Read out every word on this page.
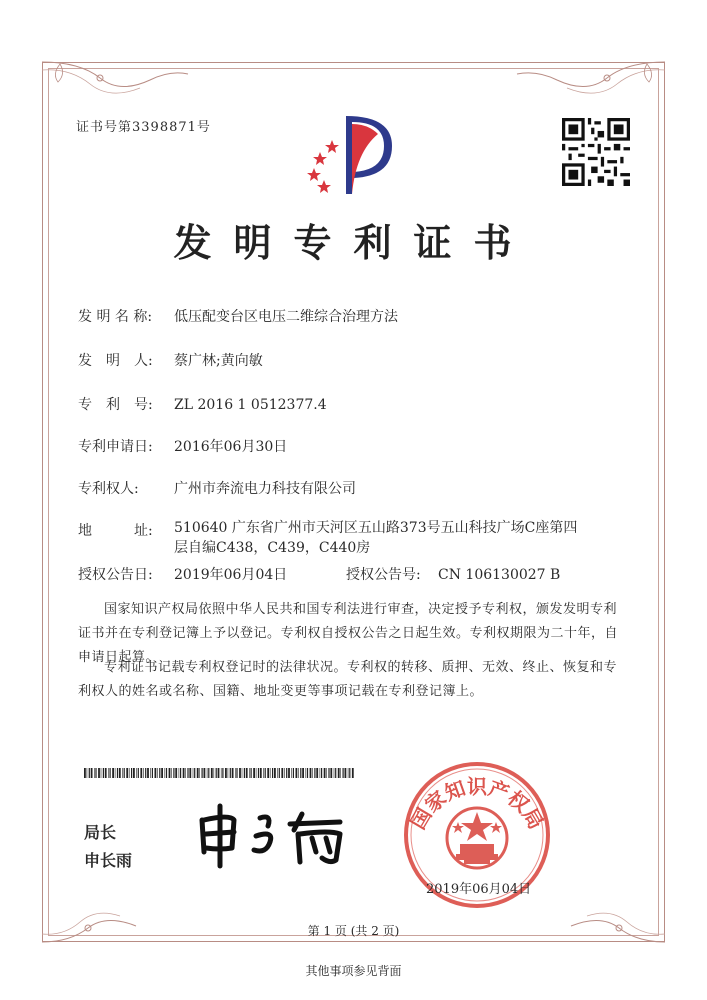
证书号第3398871号
发明专利证书
发 明 名 称: 低压配变台区电压二维综合治理方法
发　明　人: 蔡广林;黄向敏
专　利　号: ZL 2016 1 0512377.4
专利申请日: 2016年06月30日
专利权人:	广州市奔流电力科技有限公司
地　　　址:	510640 广东省广州市天河区五山路373号五山科技广场C座第四层自编C438，C439，C440房
授权公告日: 2019年06月04日	授权公告号: CN 106130027 B
国家知识产权局依照中华人民共和国专利法进行审查，决定授予专利权，颁发发明专利证书并在专利登记簿上予以登记。专利权自授权公告之日起生效。专利权期限为二十年，自申请日起算。
专利证书记载专利权登记时的法律状况。专利权的转移、质押、无效、终止、恢复和专利权人的姓名或名称、国籍、地址变更等事项记载在专利登记簿上。
局长
申长雨
国家知识产权局
2019年06月04日
第 1 页 (共 2 页)
其他事项参见背面
